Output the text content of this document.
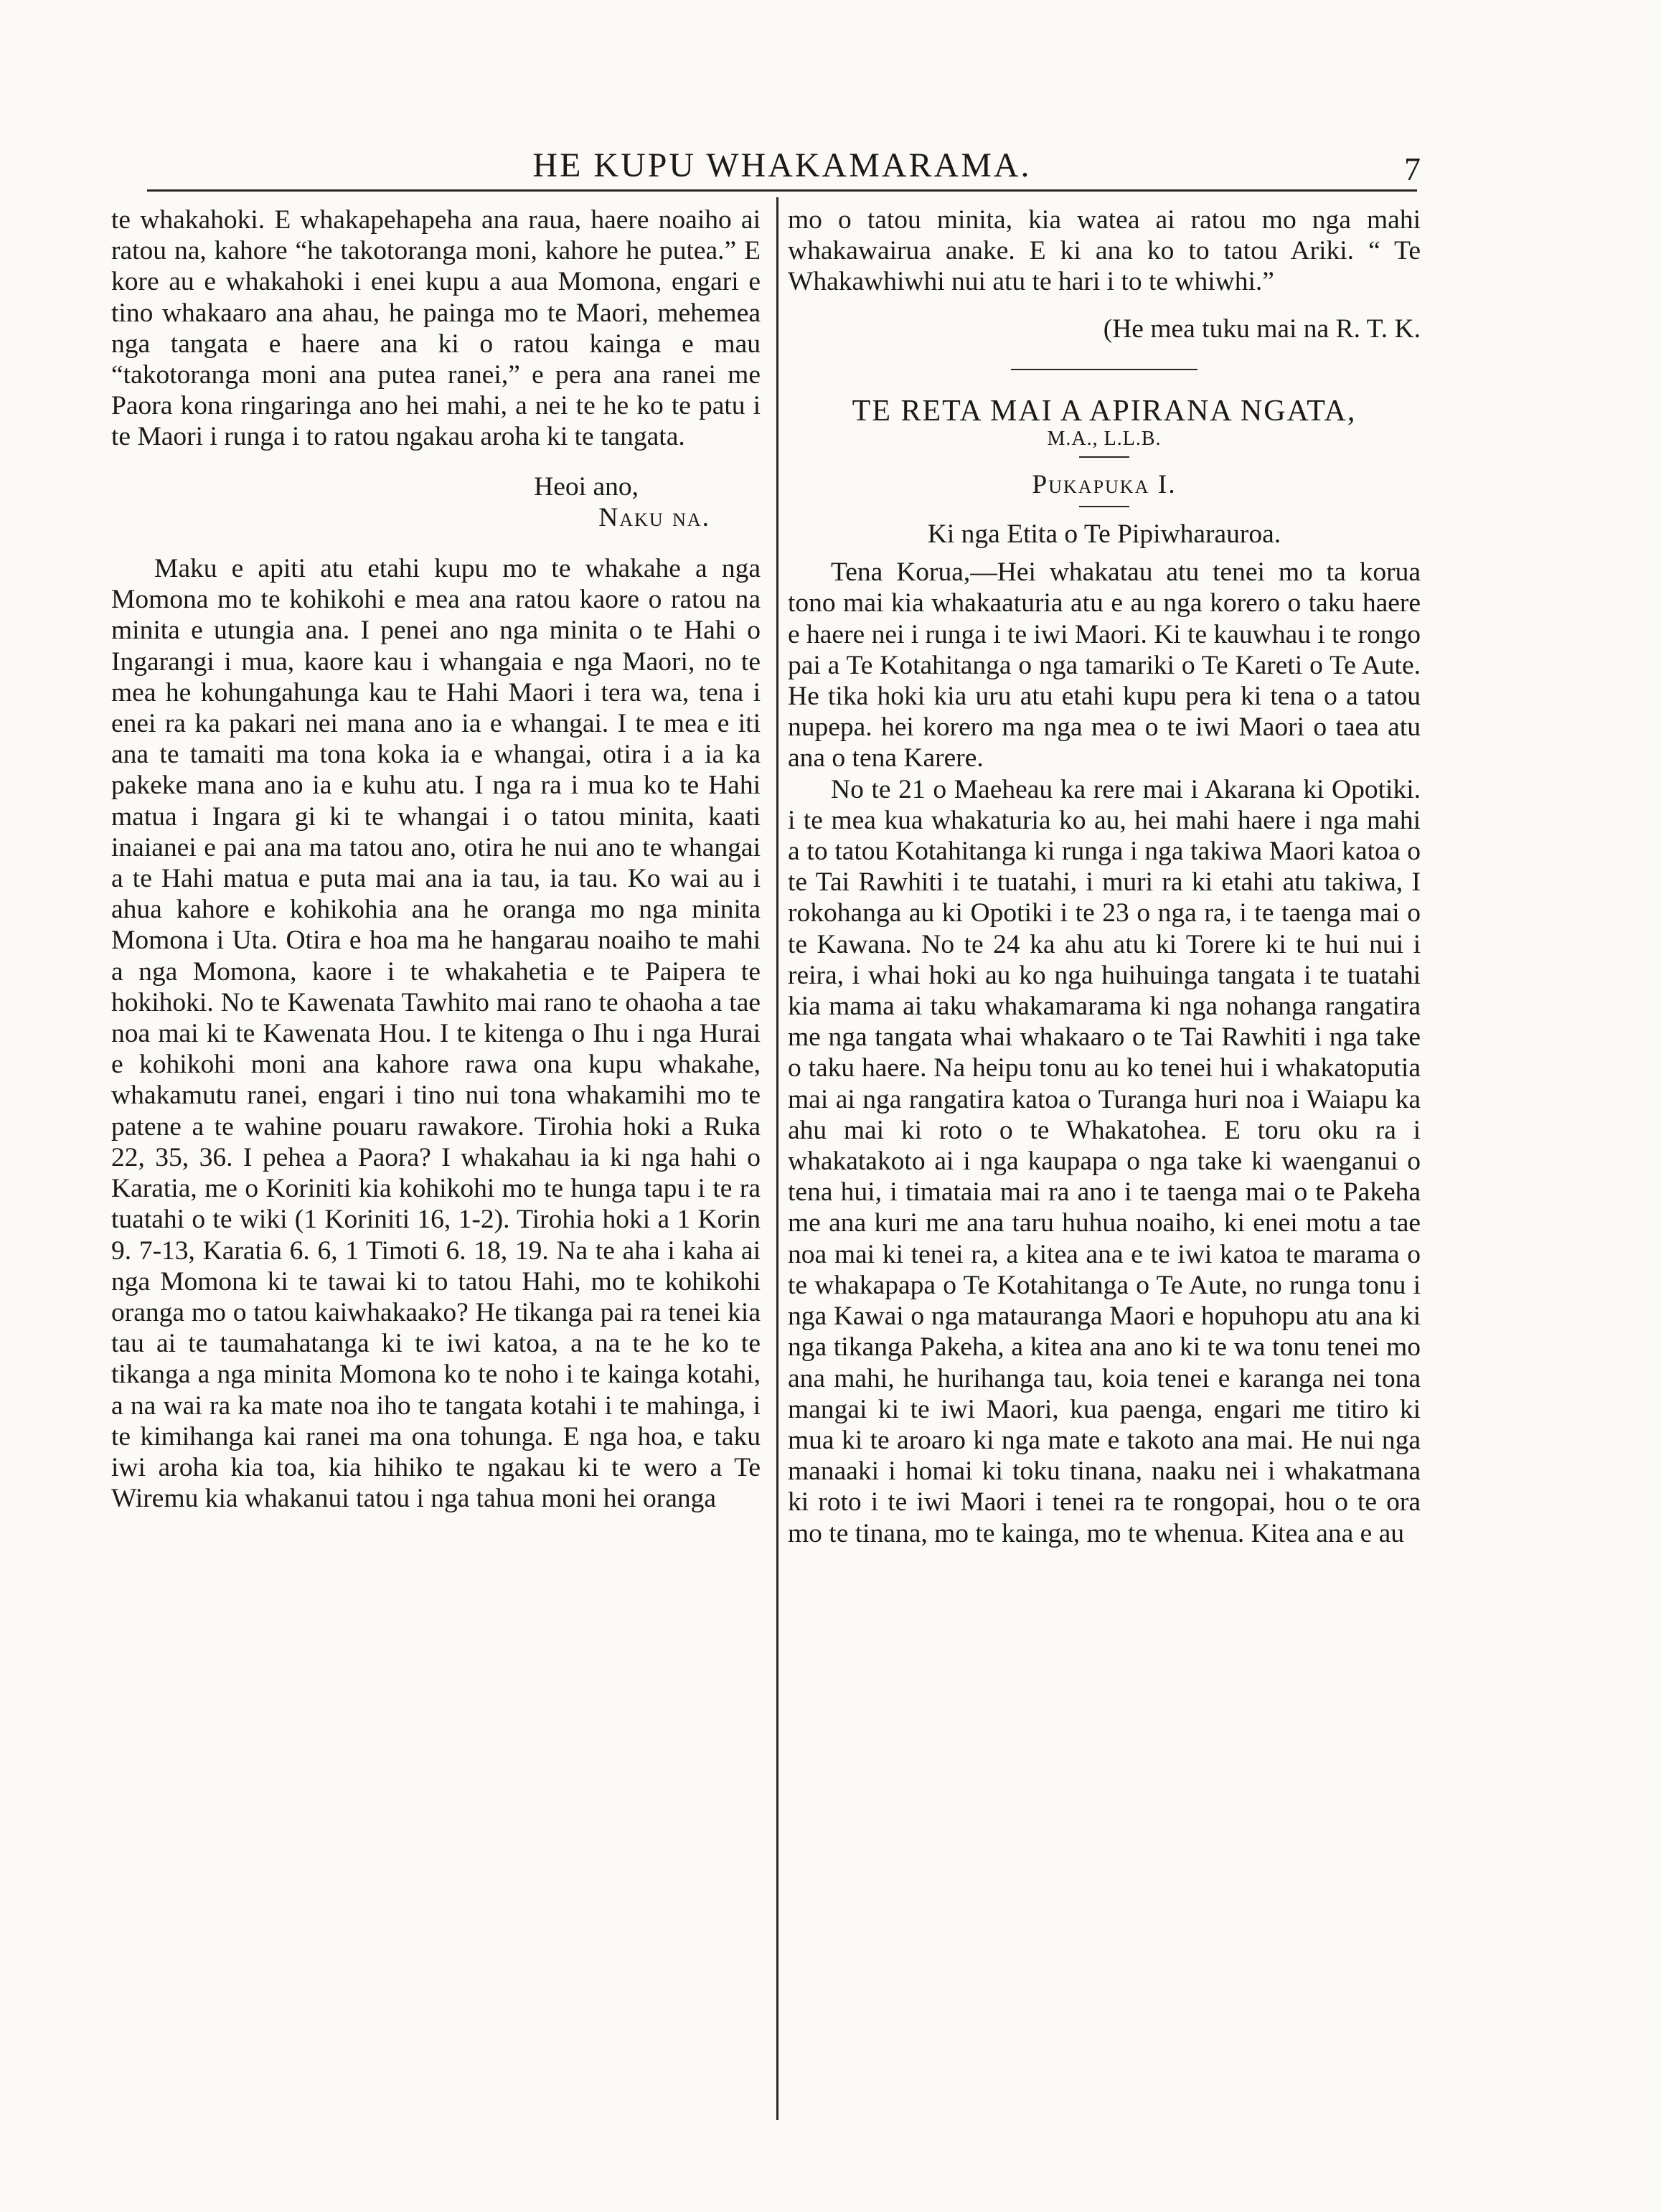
HE KUPU WHAKAMARAMA.	7

te whakahoki. E whakapehapeha ana raua, haere noaiho ai ratou na, kahore “he takotoranga moni, kahore he putea.” E kore au e whakahoki i enei kupu a aua Momona, engari e tino whakaaro ana ahau, he painga mo te Maori, mehemea nga tangata e haere ana ki o ratou kainga e mau “takotoranga moni ana putea ranei,” e pera ana ranei me Paora kona ringaringa ano hei mahi, a nei te he ko te patu i te Maori i runga i to ratou ngakau aroha ki te tangata.

Heoi ano,
Naku na.

Maku e apiti atu etahi kupu mo te whakahe a nga Momona mo te kohikohi e mea ana ratou kaore o ratou na minita e utungia ana. I penei ano nga minita o te Hahi o Ingarangi i mua, kaore kau i whangaia e nga Maori, no te mea he kohungahunga kau te Hahi Maori i tera wa, tena i enei ra ka pakari nei mana ano ia e whangai. I te mea e iti ana te tamaiti ma tona koka ia e whangai, otira i a ia ka pakeke mana ano ia e kuhu atu. I nga ra i mua ko te Hahi matua i Ingara gi ki te whangai i o tatou minita, kaati inaianei e pai ana ma tatou ano, otira he nui ano te whangai a te Hahi matua e puta mai ana ia tau, ia tau. Ko wai au i ahua kahore e kohikohia ana he oranga mo nga minita Momona i Uta. Otira e hoa ma he hangarau noaiho te mahi a nga Momona, kaore i te whakahetia e te Paipera te hokihoki. No te Kawenata Tawhito mai rano te ohaoha a tae noa mai ki te Kawenata Hou. I te kitenga o Ihu i nga Hurai e kohikohi moni ana kahore rawa ona kupu whakahe, whakamutu ranei, engari i tino nui tona whakamihi mo te patene a te wahine pouaru rawakore. Tirohia hoki a Ruka 22, 35, 36. I pehea a Paora? I whakahau ia ki nga hahi o Karatia, me o Koriniti kia kohikohi mo te hunga tapu i te ra tuatahi o te wiki (1 Koriniti 16, 1-2). Tirohia hoki a 1 Korin 9. 7-13, Karatia 6. 6, 1 Timoti 6. 18, 19. Na te aha i kaha ai nga Momona ki te tawai ki to tatou Hahi, mo te kohikohi oranga mo o tatou kaiwhakaako? He tikanga pai ra tenei kia tau ai te taumahatanga ki te iwi katoa, a na te he ko te tikanga a nga minita Momona ko te noho i te kainga kotahi, a na wai ra ka mate noa iho te tangata kotahi i te mahinga, i te kimihanga kai ranei ma ona tohunga. E nga hoa, e taku iwi aroha kia toa, kia hihiko te ngakau ki te wero a Te Wiremu kia whakanui tatou i nga tahua moni hei oranga

mo o tatou minita, kia watea ai ratou mo nga mahi whakawairua anake. E ki ana ko to tatou Ariki. “ Te Whakawhiwhi nui atu te hari i to te whiwhi.”

(He mea tuku mai na R. T. K.
TE RETA MAI A APIRANA NGATA,
M.A., L.L.B.
Pukapuka I.
Ki nga Etita o Te Pipiwharauroa.

Tena Korua,—Hei whakatau atu tenei mo ta korua tono mai kia whakaaturia atu e au nga korero o taku haere e haere nei i runga i te iwi Maori. Ki te kauwhau i te rongo pai a Te Kotahitanga o nga tamariki o Te Kareti o Te Aute. He tika hoki kia uru atu etahi kupu pera ki tena o a tatou nupepa. hei korero ma nga mea o te iwi Maori o taea atu ana o tena Karere.

No te 21 o Maeheau ka rere mai i Akarana ki Opotiki. i te mea kua whakaturia ko au, hei mahi haere i nga mahi a to tatou Kotahitanga ki runga i nga takiwa Maori katoa o te Tai Rawhiti i te tuatahi, i muri ra ki etahi atu takiwa, I rokohanga au ki Opotiki i te 23 o nga ra, i te taenga mai o te Kawana. No te 24 ka ahu atu ki Torere ki te hui nui i reira, i whai hoki au ko nga huihuinga tangata i te tuatahi kia mama ai taku whakamarama ki nga nohanga rangatira me nga tangata whai whakaaro o te Tai Rawhiti i nga take o taku haere. Na heipu tonu au ko tenei hui i whakatoputia mai ai nga rangatira katoa o Turanga huri noa i Waiapu ka ahu mai ki roto o te Whakatohea. E toru oku ra i whakatakoto ai i nga kaupapa o nga take ki waenganui o tena hui, i timataia mai ra ano i te taenga mai o te Pakeha me ana kuri me ana taru huhua noaiho, ki enei motu a tae noa mai ki tenei ra, a kitea ana e te iwi katoa te marama o te whakapapa o Te Kotahitanga o Te Aute, no runga tonu i nga Kawai o nga matauranga Maori e hopuhopu atu ana ki nga tikanga Pakeha, a kitea ana ano ki te wa tonu tenei mo ana mahi, he hurihanga tau, koia tenei e karanga nei tona mangai ki te iwi Maori, kua paenga, engari me titiro ki mua ki te aroaro ki nga mate e takoto ana mai. He nui nga manaaki i homai ki toku tinana, naaku nei i whakatmana ki roto i te iwi Maori i tenei ra te rongopai, hou o te ora mo te tinana, mo te kainga, mo te whenua. Kitea ana e au
